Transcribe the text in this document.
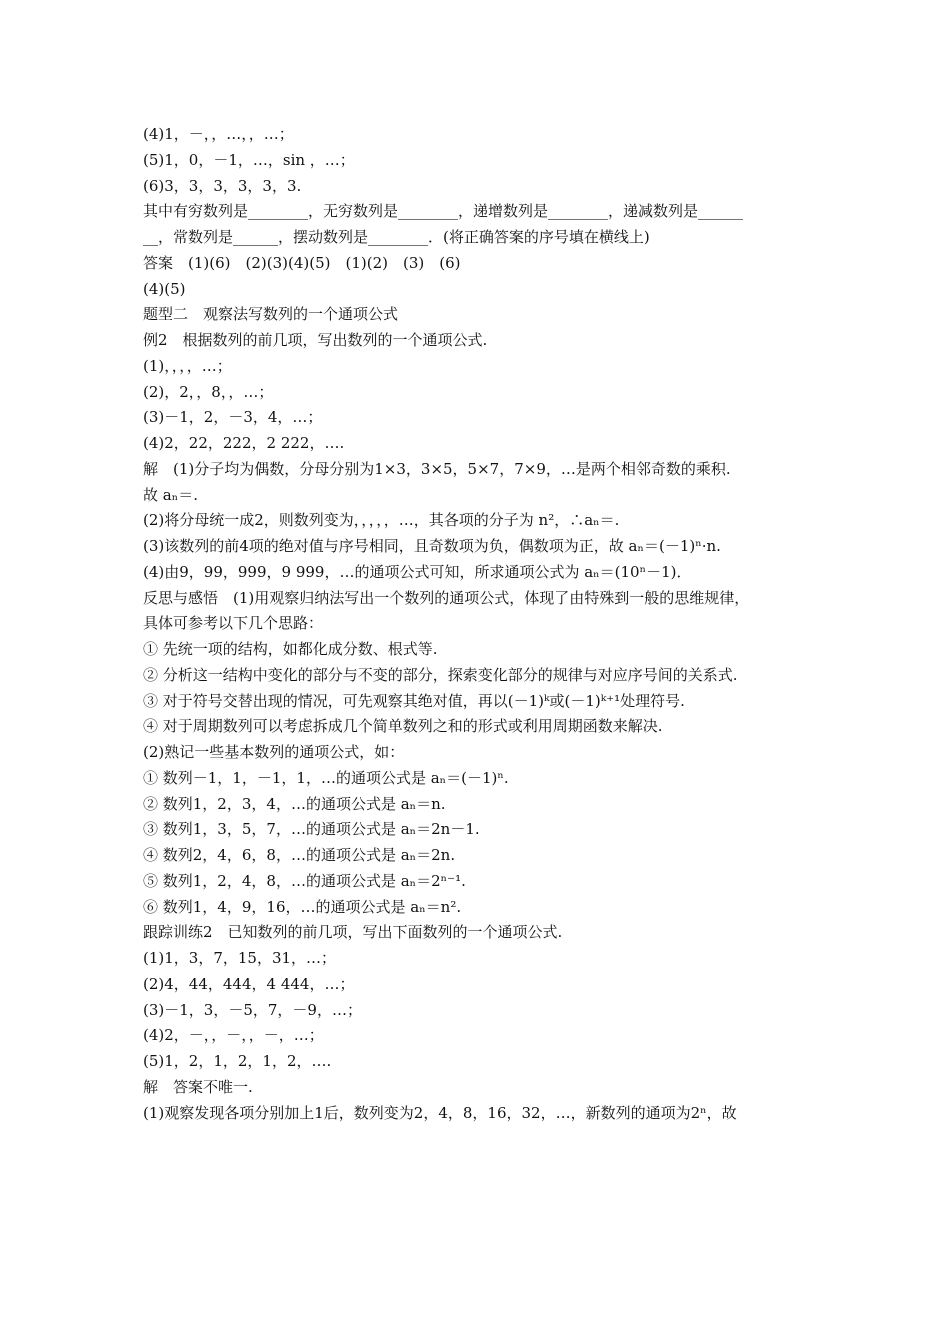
(4)1，－，，…，，…；
(5)1，0，－1，…，sin ，…；
(6)3，3，3，3，3，3.
其中有穷数列是________，无穷数列是________，递增数列是________，递减数列是______
__，常数列是______，摆动数列是________．(将正确答案的序号填在横线上)
答案　(1)(6)　(2)(3)(4)(5)　(1)(2)　(3)　(6)
(4)(5)
题型二　观察法写数列的一个通项公式
例2　根据数列的前几项，写出数列的一个通项公式.
(1)，，，，…；
(2)，2，，8，，…；
(3)－1，2，－3，4，…；
(4)2，22，222，2 222，….
解　(1)分子均为偶数，分母分别为1×3，3×5，5×7，7×9，…是两个相邻奇数的乘积.
故 aₙ＝.
(2)将分母统一成2，则数列变为，，，，，…，其各项的分子为 n²，∴aₙ＝.
(3)该数列的前4项的绝对值与序号相同，且奇数项为负，偶数项为正，故 aₙ＝(－1)ⁿ·n.
(4)由9，99，999，9 999，…的通项公式可知，所求通项公式为 aₙ＝(10ⁿ－1)．
反思与感悟　(1)用观察归纳法写出一个数列的通项公式，体现了由特殊到一般的思维规律，
具体可参考以下几个思路：
① 先统一项的结构，如都化成分数、根式等.
② 分析这一结构中变化的部分与不变的部分，探索变化部分的规律与对应序号间的关系式.
③ 对于符号交替出现的情况，可先观察其绝对值，再以(－1)ᵏ或(－1)ᵏ⁺¹处理符号.
④ 对于周期数列可以考虑拆成几个简单数列之和的形式或利用周期函数来解决.
(2)熟记一些基本数列的通项公式，如：
① 数列－1，1，－1，1，…的通项公式是 aₙ＝(－1)ⁿ.
② 数列1，2，3，4，…的通项公式是 aₙ＝n.
③ 数列1，3，5，7，…的通项公式是 aₙ＝2n－1.
④ 数列2，4，6，8，…的通项公式是 aₙ＝2n.
⑤ 数列1，2，4，8，…的通项公式是 aₙ＝2ⁿ⁻¹.
⑥ 数列1，4，9，16，…的通项公式是 aₙ＝n².
跟踪训练2　已知数列的前几项，写出下面数列的一个通项公式.
(1)1，3，7，15，31，…；
(2)4，44，444，4 444，…；
(3)－1，3，－5，7，－9，…；
(4)2，－，，－，，－，…；
(5)1，2，1，2，1，2，….
解　答案不唯一.
(1)观察发现各项分别加上1后，数列变为2，4，8，16，32，…，新数列的通项为2ⁿ，故
